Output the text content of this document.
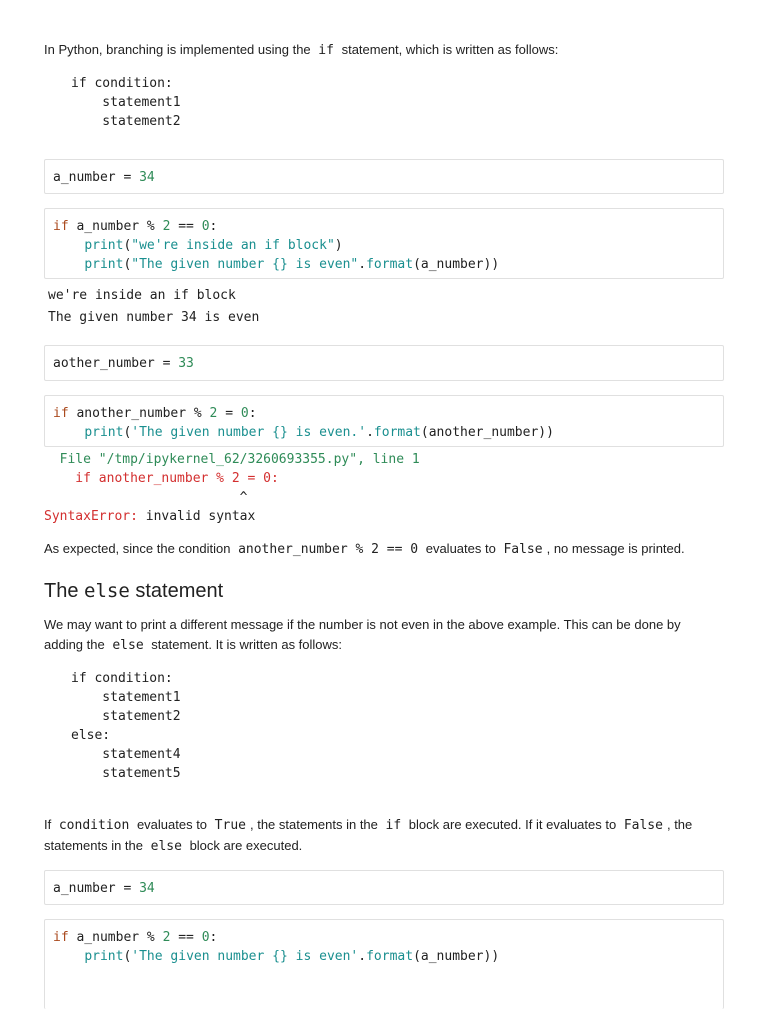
In Python, branching is implemented using the if statement, which is written as follows:
if condition:
statement1
statement2
a_number = 34
if a_number % 2 == 0:
print("we're inside an if block")
print("The given number {} is even".format(a_number))
we're inside an if block
The given number 34 is even
aother_number = 33
if another_number % 2 = 0:
print('The given number {} is even.'.format(another_number))
File "/tmp/ipykernel_62/3260693355.py", line 1
if another_number % 2 = 0:
^
SyntaxError: invalid syntax
As expected, since the condition another_number % 2 == 0 evaluates to False , no message is printed.
The else statement
We may want to print a different message if the number is not even in the above example. This can be done by
adding the else statement. It is written as follows:
if condition:
statement1
statement2
else:
statement4
statement5
If condition evaluates to True , the statements in the if block are executed. If it evaluates to False , the
statements in the else block are executed.
a_number = 34
if a_number % 2 == 0:
print('The given number {} is even'.format(a_number))
